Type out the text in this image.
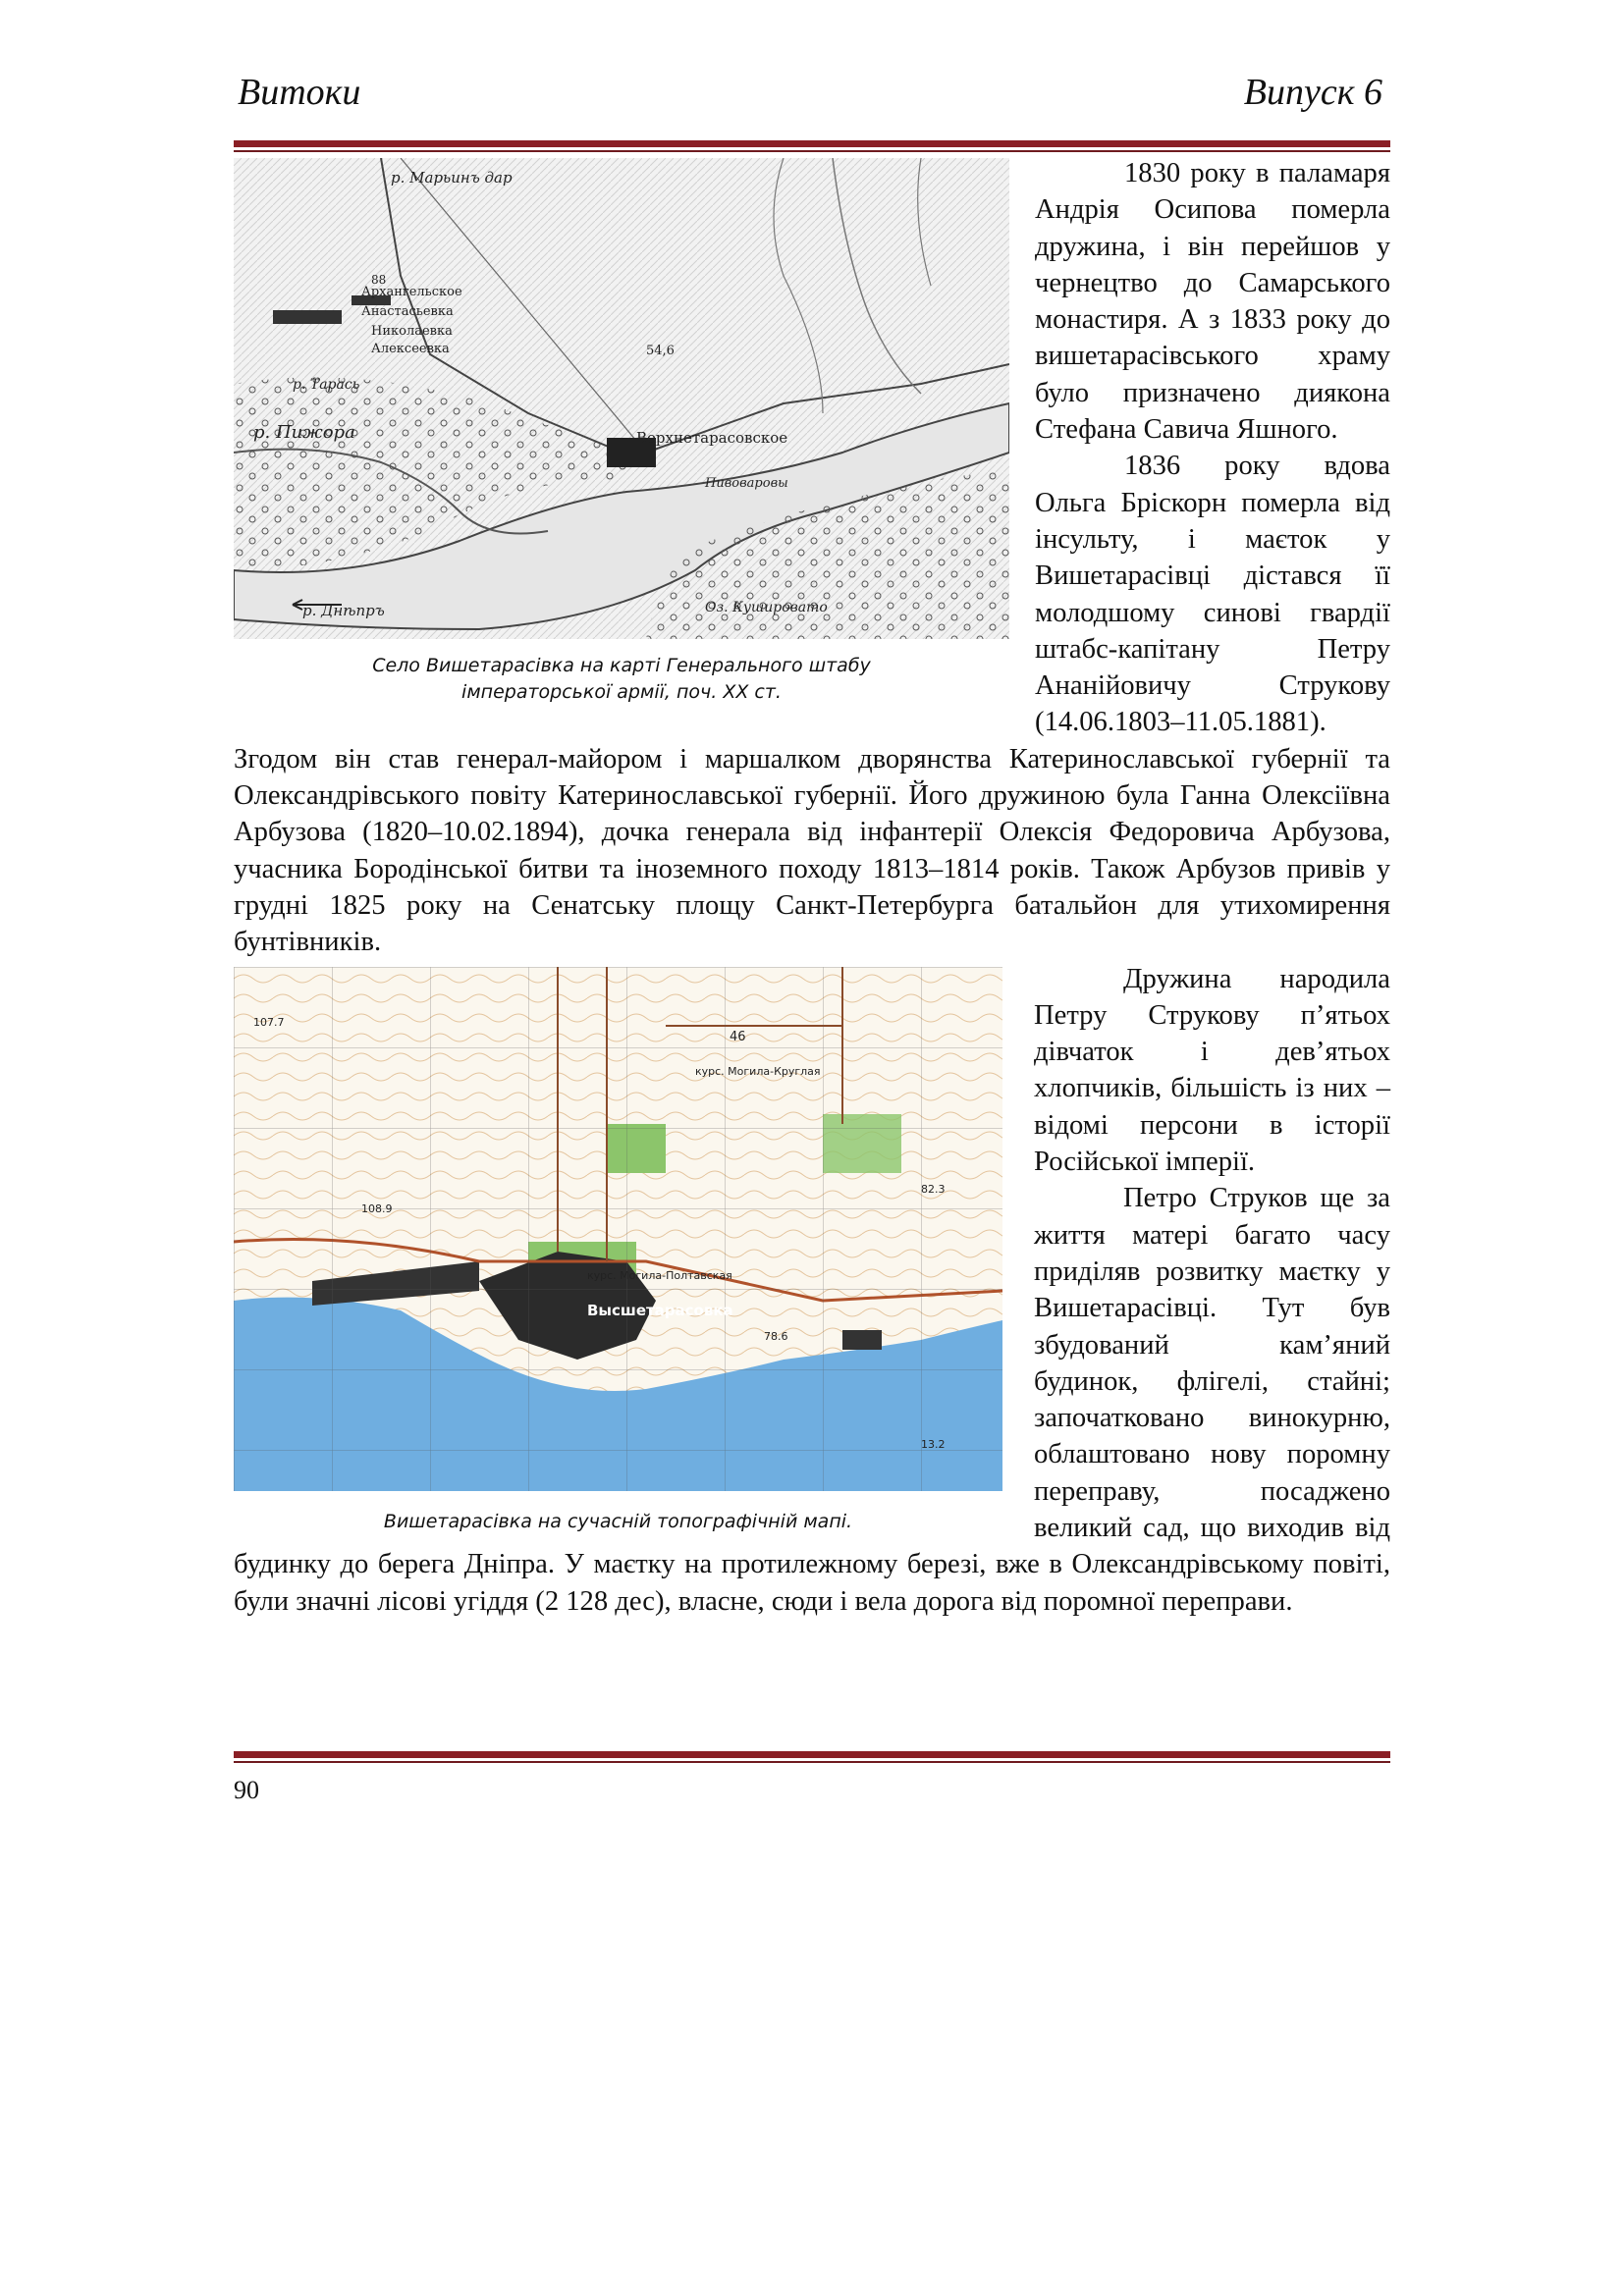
Витоки	Випуск 6
р. Марьинъ дар
Архангельское
Анастасьевка
Николаевка
Алексеевка
Верхнетарасовское
р. Тарась
р. Пижора
р. Днѣпръ	Оз. Кушировато
Пивоваровы
54,6
88
Село Вишетарасівка на карті Генерального штабу
імператорської армії, поч. XX ст.

1830 року в паламаря Андрія Осипова померла дружина, і він перейшов у чернецтво до Самарського монастиря. А з 1833 року до вишетарасівського храму було призначено диякона Стефана Савича Яшного.

1836 року вдова Ольга Бріскорн померла від інсульту, і маєток у Вишетарасівці дістався її молодшому синові гвардії штабс-капітану Петру Ананійовичу Струкову (14.06.1803–11.05.1881). Згодом він став генерал-майором і маршалком дворянства Катеринославської губернії та Олександрівського повіту Катеринославської губернії. Його дружиною була Ганна Олексіївна Арбузова (1820–10.02.1894), дочка генерала від інфантерії Олексія Федоровича Арбузова, учасника Бородінської битви та іноземного походу 1813–1814 років. Також Арбузов привів у грудні 1825 року на Сенатську площу Санкт-Петербурга батальйон для утихомирення бунтівників.

Высшетарасовка
курс. Могила-Круглая
курс. Могила-Полтавская
108.9
78.6
46
13.2
82.3
107.7
Вишетарасівка на сучасній топографічній мапі.

Дружина народила Петру Струкову п’ятьох дівчаток і дев’ятьох хлопчиків, більшість із них – відомі персони в історії Російської імперії.

Петро Струков ще за життя матері багато часу приділяв розвитку маєтку у Вишетарасівці. Тут був збудований кам’яний будинок, флігелі, стайні; започатковано винокурню, облаштовано нову поромну переправу, посаджено великий сад, що виходив від будинку до берега Дніпра. У маєтку на протилежному березі, вже в Олександрівському повіті, були значні лісові угіддя (2 128 дес), власне, сюди і вела дорога від поромної переправи.

90
